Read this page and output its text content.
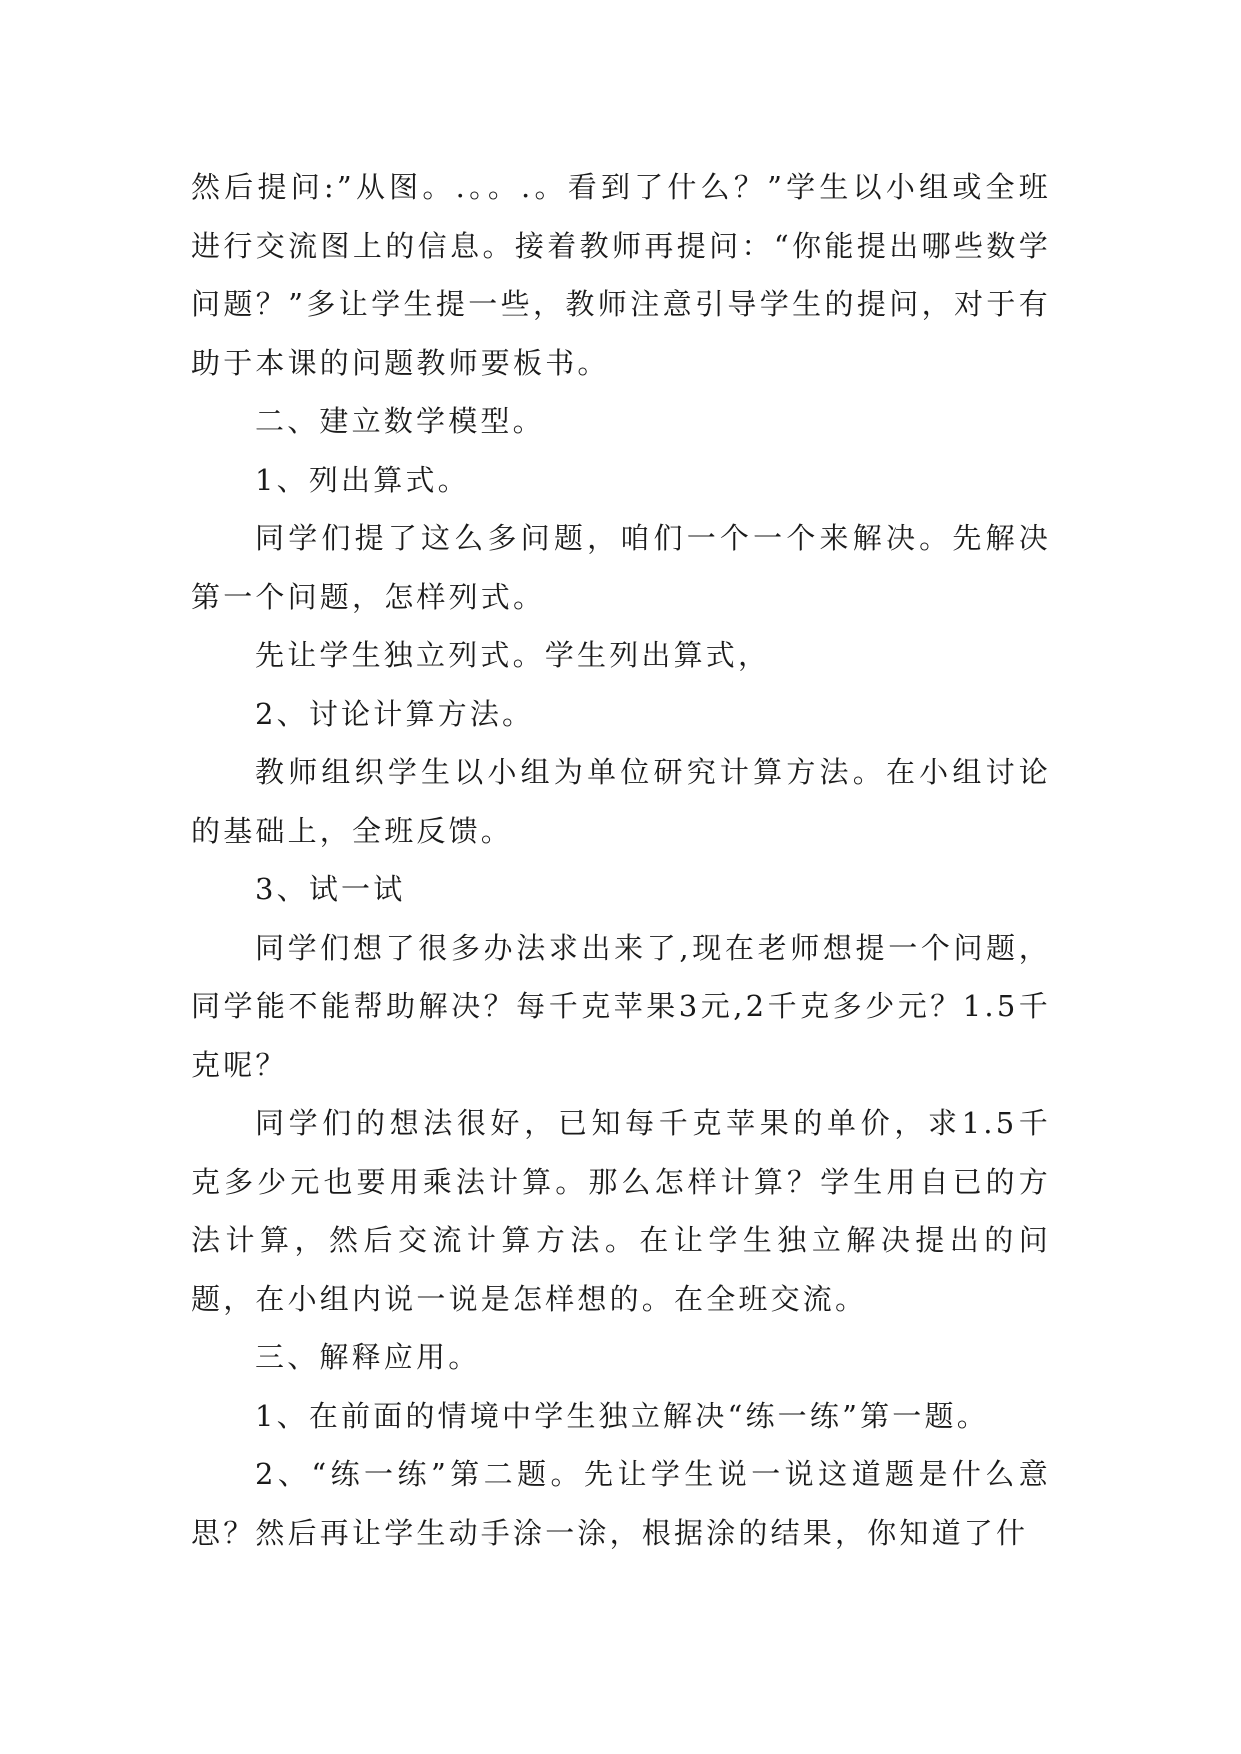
然后提问:”从图。.。。.。看到了什么？”学生以小组或全班进行交流图上的信息。接着教师再提问：“你能提出哪些数学问题？”多让学生提一些，教师注意引导学生的提问，对于有助于本课的问题教师要板书。

二、建立数学模型。

1、列出算式。

同学们提了这么多问题，咱们一个一个来解决。先解决第一个问题，怎样列式。

先让学生独立列式。学生列出算式，

2、讨论计算方法。

教师组织学生以小组为单位研究计算方法。在小组讨论的基础上，全班反馈。

3、试一试

同学们想了很多办法求出来了,现在老师想提一个问题，同学能不能帮助解决？每千克苹果3元,2千克多少元？1.5千克呢？

同学们的想法很好，已知每千克苹果的单价，求1.5千克多少元也要用乘法计算。那么怎样计算？学生用自已的方法计算，然后交流计算方法。在让学生独立解决提出的问题，在小组内说一说是怎样想的。在全班交流。

三、解释应用。

1、在前面的情境中学生独立解决“练一练”第一题。

2、“练一练”第二题。先让学生说一说这道题是什么意思？然后再让学生动手涂一涂，根据涂的结果，你知道了什
